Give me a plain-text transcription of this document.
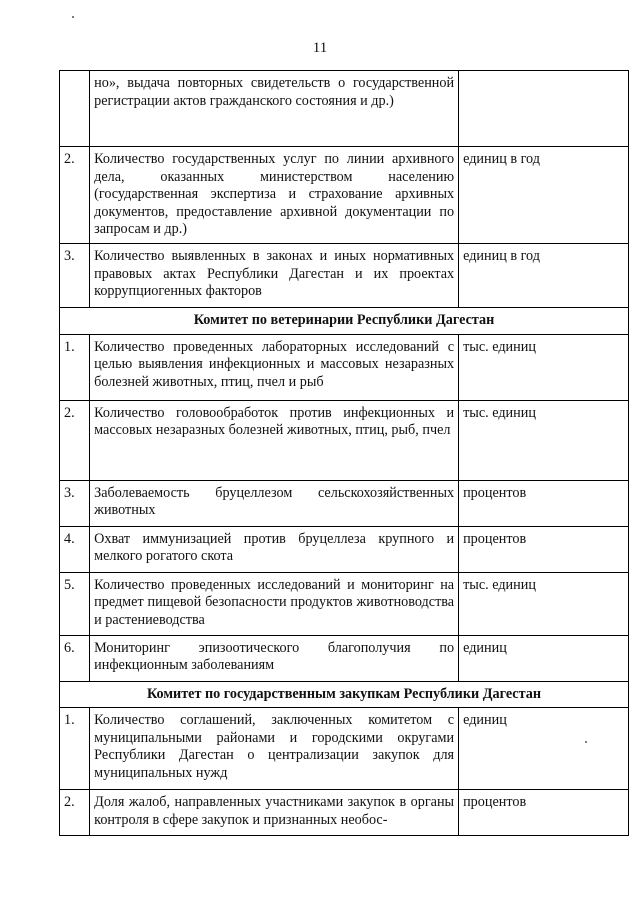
11
	но», выдача повторных свидетельств о государственной регистрации актов гражданского состояния и др.)	
2.	Количество государственных услуг по линии архивного дела, оказанных министерством населению (государственная экспертиза и страхование архивных документов, предоставление архивной документации по запросам и др.)	единиц в год
3.	Количество выявленных в законах и иных нормативных правовых актах Республики Дагестан и их проектах коррупциогенных факторов	единиц в год
Комитет по ветеринарии Республики Дагестан		
1.	Количество проведенных лабораторных исследований с целью выявления инфекционных и массовых незаразных болезней животных, птиц, пчел и рыб	тыс. единиц
2.	Количество головообработок против инфекционных и массовых незаразных болезней животных, птиц, рыб, пчел	тыс. единиц
3.	Заболеваемость бруцеллезом сельскохозяйственных животных	процентов
4.	Охват иммунизацией против бруцеллеза крупного и мелкого рогатого скота	процентов
5.	Количество проведенных исследований и мониторинг на предмет пищевой безопасности продуктов животноводства и растениеводства	тыс. единиц
6.	Мониторинг эпизоотического благополучия по инфекционным заболеваниям	единиц
Комитет по государственным закупкам Республики Дагестан		
1.	Количество соглашений, заключенных комитетом с муниципальными районами и городскими округами Республики Дагестан о централизации закупок для муниципальных нужд	единиц
2.	Доля жалоб, направленных участниками закупок в органы контроля в сфере закупок и признанных необос-	процентов
